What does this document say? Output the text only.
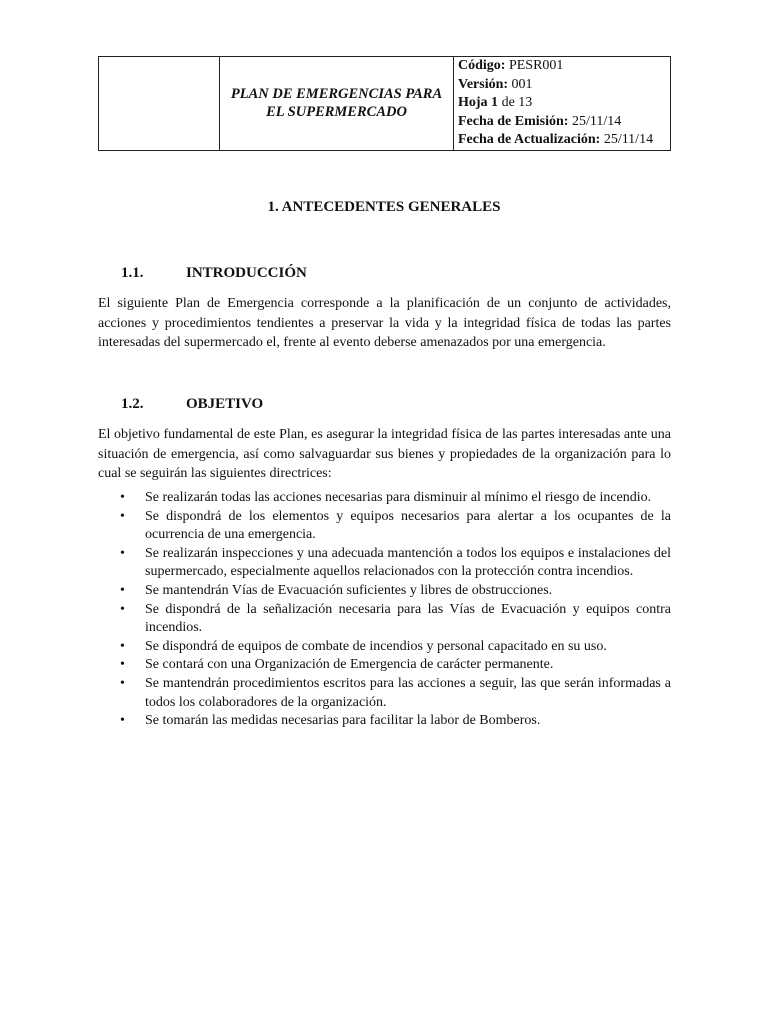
PLAN DE EMERGENCIAS PARA
EL SUPERMERCADO

Código: PESR001
Versión: 001
Hoja 1 de 13
Fecha de Emisión: 25/11/14
Fecha de Actualización: 25/11/14
1. ANTECEDENTES GENERALES
1.1.	INTRODUCCIÓN
El siguiente Plan de Emergencia corresponde a la planificación de un conjunto de actividades, acciones y procedimientos tendientes a preservar la vida y la integridad física de todas las partes interesadas del supermercado el, frente al evento deberse amenazados por una emergencia.
1.2.	OBJETIVO
El objetivo fundamental de este Plan, es asegurar la integridad física de las partes interesadas ante una situación de emergencia, así como salvaguardar sus bienes y propiedades de la organización para lo cual se seguirán las siguientes directrices:
• Se realizarán todas las acciones necesarias para disminuir al mínimo el riesgo de incendio.
• Se dispondrá de los elementos y equipos necesarios para alertar a los ocupantes de la ocurrencia de una emergencia.
• Se realizarán inspecciones y una adecuada mantención a todos los equipos e instalaciones del supermercado, especialmente aquellos relacionados con la protección contra incendios.
• Se mantendrán Vías de Evacuación suficientes y libres de obstrucciones.
• Se dispondrá de la señalización necesaria para las Vías de Evacuación y equipos contra incendios.
• Se dispondrá de equipos de combate de incendios y personal capacitado en su uso.
• Se contará con una Organización de Emergencia de carácter permanente.
• Se mantendrán procedimientos escritos para las acciones a seguir, las que serán informadas a todos los colaboradores de la organización.
• Se tomarán las medidas necesarias para facilitar la labor de Bomberos.
